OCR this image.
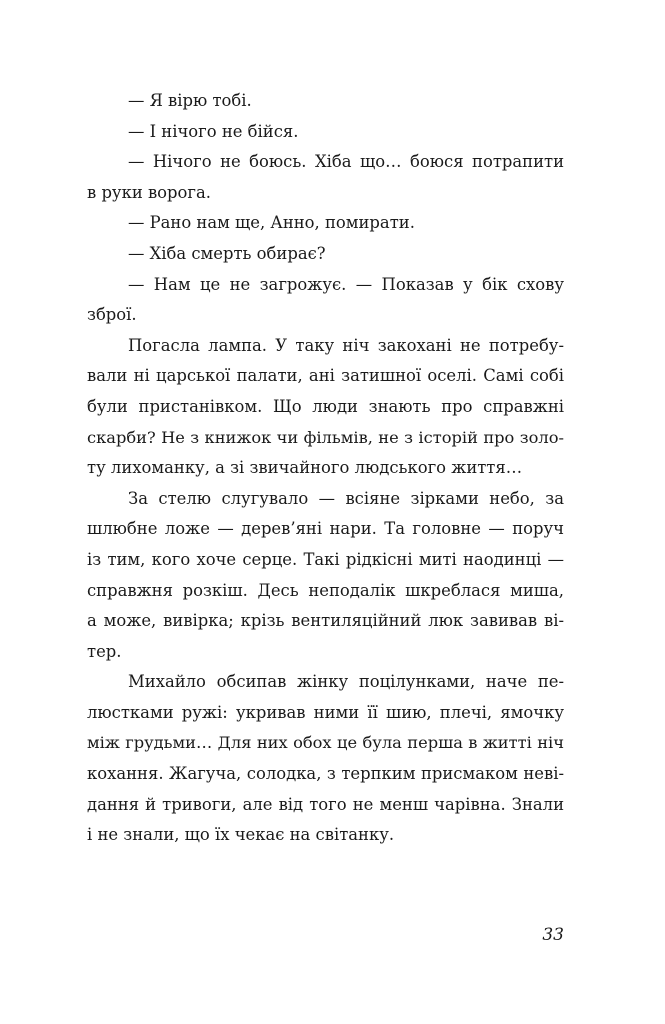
— Я вірю тобі.
— І нічого не бійся.
— Нічого не боюсь. Хіба що… боюся потрапити
в руки ворога.
— Рано нам ще, Анно, помирати.
— Хіба смерть обирає?
— Нам це не загрожує. — Показав у бік схову
зброї.
Погасла лампа. У таку ніч закохані не потребу-
вали ні царської палати, ані затишної оселі. Самі собі
були пристанівком. Що люди знають про справжні
скарби? Не з книжок чи фільмів, не з історій про золо-
ту лихоманку, а зі звичайного людського життя…
За стелю слугувало — всіяне зірками небо, за
шлюбне ложе — дерев’яні нари. Та головне — поруч
із тим, кого хоче серце. Такі рідкісні миті наодинці —
справжня розкіш. Десь неподалік шкреблася миша,
а може, вивірка; крізь вентиляційний люк завивав ві-
тер.
Михайло обсипав жінку поцілунками, наче пе-
люстками ружі: укривав ними її шию, плечі, ямочку
між грудьми… Для них обох це була перша в житті ніч
кохання. Жагуча, солодка, з терпким присмаком неві-
дання й тривоги, але від того не менш чарівна. Знали
і не знали, що їх чекає на світанку.
33
